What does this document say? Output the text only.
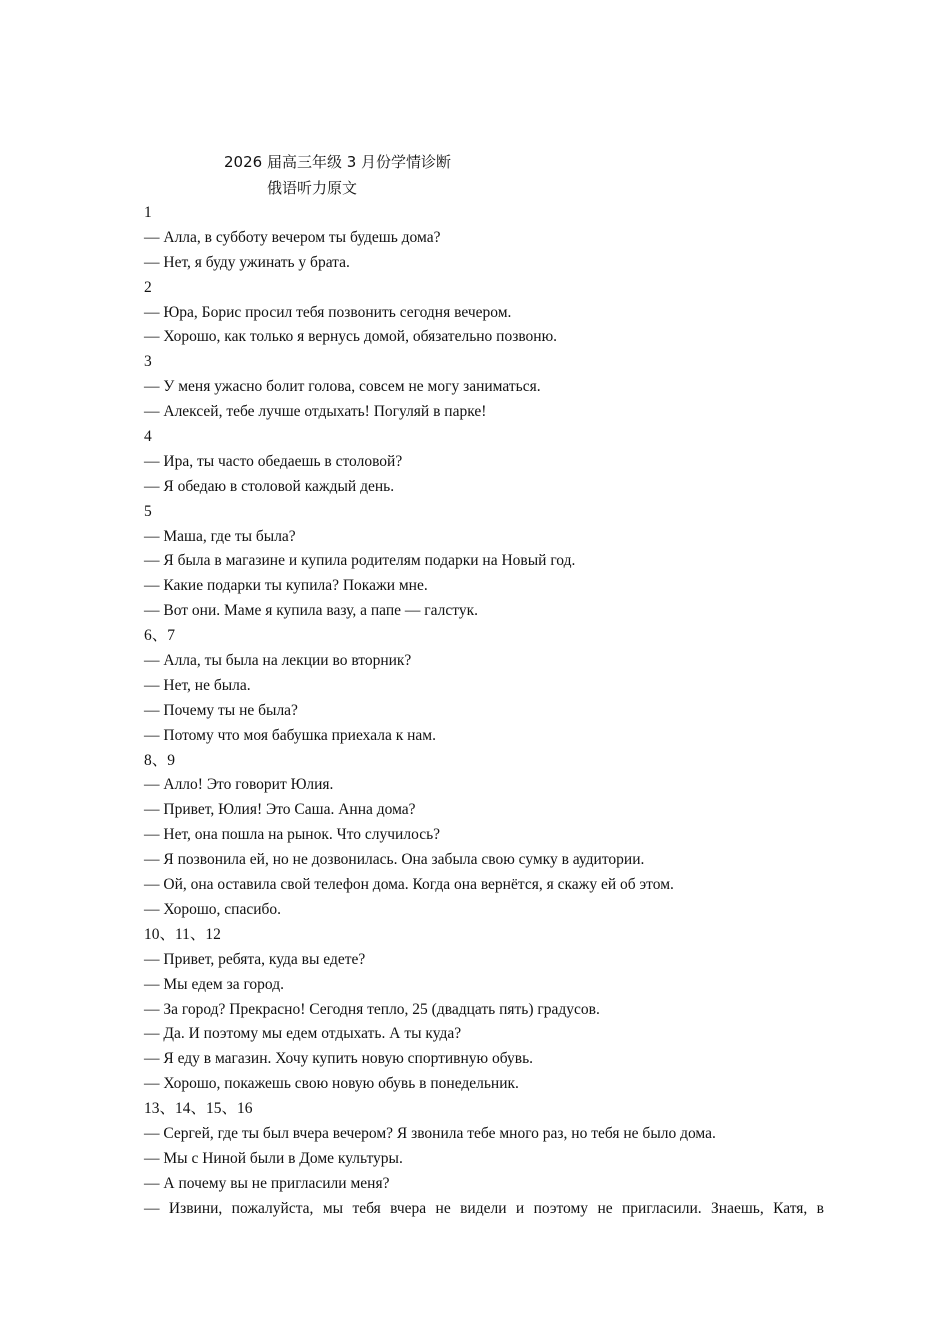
2026 届高三年级 3 月份学情诊断
俄语听力原文
1
— Алла, в субботу вечером ты будешь дома?
— Нет, я буду ужинать у брата.
2
— Юра, Борис просил тебя позвонить сегодня вечером.
— Хорошо, как только я вернусь домой, обязательно позвоню.
3
— У меня ужасно болит голова, совсем не могу заниматься.
— Алексей, тебе лучше отдыхать! Погуляй в парке!
4
— Ира, ты часто обедаешь в столовой?
— Я обедаю в столовой каждый день.
5
— Маша, где ты была?
— Я была в магазине и купила родителям подарки на Новый год.
— Какие подарки ты купила? Покажи мне.
— Вот они. Маме я купила вазу, а папе — галстук.
6、7
— Алла, ты была на лекции во вторник?
— Нет, не была.
— Почему ты не была?
— Потому что моя бабушка приехала к нам.
8、9
— Алло! Это говорит Юлия.
— Привет, Юлия! Это Саша. Анна дома?
— Нет, она пошла на рынок. Что случилось?
— Я позвонила ей, но не дозвонилась. Она забыла свою сумку в аудитории.
— Ой, она оставила свой телефон дома. Когда она вернётся, я скажу ей об этом.
— Хорошо, спасибо.
10、11、12
— Привет, ребята, куда вы едете?
— Мы едем за город.
— За город? Прекрасно! Сегодня тепло, 25 (двадцать пять) градусов.
— Да. И поэтому мы едем отдыхать. А ты куда?
— Я еду в магазин. Хочу купить новую спортивную обувь.
— Хорошо, покажешь свою новую обувь в понедельник.
13、14、15、16
— Сергей, где ты был вчера вечером? Я звонила тебе много раз, но тебя не было дома.
— Мы с Ниной были в Доме культуры.
— А почему вы не пригласили меня?
— Извини, пожалуйста, мы тебя вчера не видели и поэтому не пригласили. Знаешь, Катя, в
